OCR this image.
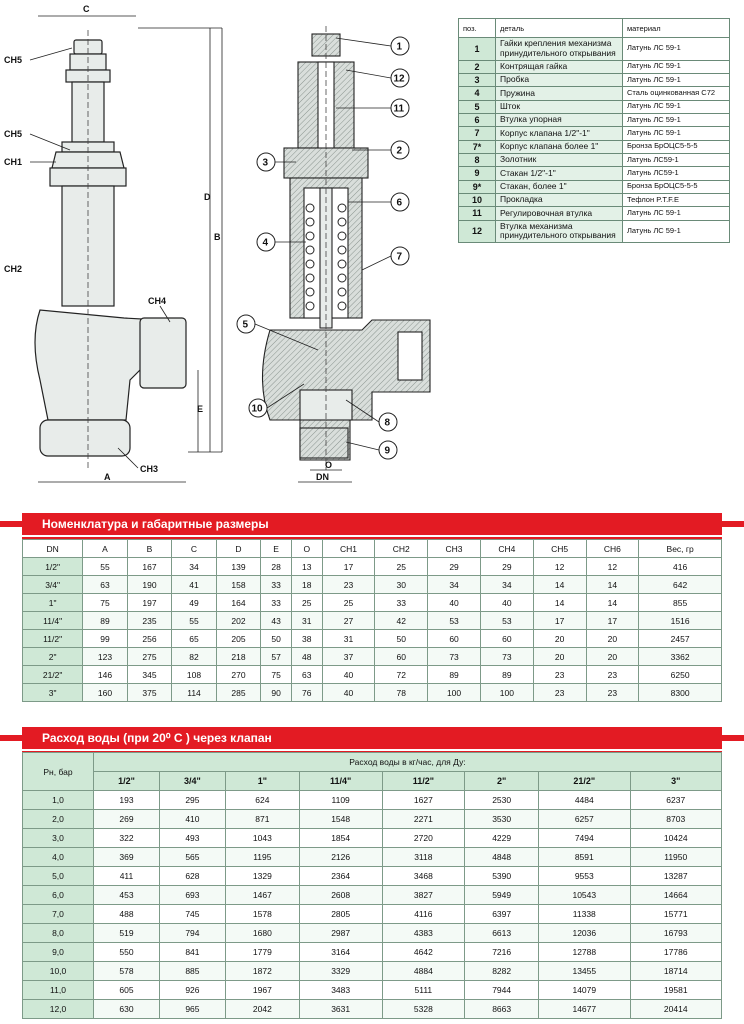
CH5
CH5
CH1
CH2
CH4
CH3
C
D
B
E
A
O
DN
1
12
11
2
3
6
4
7
5
10
8
9
поз.	деталь	материал
1	Гайки крепления механизма принудительного открывания	Латунь ЛС 59-1
2	Контрящая гайка	Латунь ЛС 59-1
3	Пробка	Латунь ЛС 59-1
4	Пружина	Сталь оцинкованная С72
5	Шток	Латунь ЛС 59-1
6	Втулка упорная	Латунь ЛС 59-1
7	Корпус клапана 1/2"-1"	Латунь ЛС 59-1
7*	Корпус клапана более 1"	Бронза БрОЦС5-5-5
8	Золотник	Латунь ЛС59-1
9	Стакан 1/2"-1"	Латунь ЛС59-1
9*	Стакан, более 1"	Бронза БрОЦС5-5-5
10	Прокладка	Тефлон P.T.F.E
11	Регулировочная втулка	Латунь ЛС 59-1
12	Втулка механизма принудительного открывания	Латунь ЛС 59-1
Номенклатура и габаритные размеры
DN	A	B	C	D	E	O	CH1	CH2	CH3	CH4	CH5	CH6	Вес, гр
1/2"	55	167	34	139	28	13	17	25	29	29	12	12	416
3/4"	63	190	41	158	33	18	23	30	34	34	14	14	642
1"	75	197	49	164	33	25	25	33	40	40	14	14	855
11/4"	89	235	55	202	43	31	27	42	53	53	17	17	1516
11/2"	99	256	65	205	50	38	31	50	60	60	20	20	2457
2"	123	275	82	218	57	48	37	60	73	73	20	20	3362
21/2"	146	345	108	270	75	63	40	72	89	89	23	23	6250
3"	160	375	114	285	90	76	40	78	100	100	23	23	8300
Расход воды (при 20⁰ С ) через клапан
Рн, бар	Расход воды в кг/час, для Ду:							
	1/2"	3/4"	1"	11/4"	11/2"	2"	21/2"	3"
1,0	193	295	624	1109	1627	2530	4484	6237
2,0	269	410	871	1548	2271	3530	6257	8703
3,0	322	493	1043	1854	2720	4229	7494	10424
4,0	369	565	1195	2126	3118	4848	8591	11950
5,0	411	628	1329	2364	3468	5390	9553	13287
6,0	453	693	1467	2608	3827	5949	10543	14664
7,0	488	745	1578	2805	4116	6397	11338	15771
8,0	519	794	1680	2987	4383	6613	12036	16793
9,0	550	841	1779	3164	4642	7216	12788	17786
10,0	578	885	1872	3329	4884	8282	13455	18714
11,0	605	926	1967	3483	5111	7944	14079	19581
12,0	630	965	2042	3631	5328	8663	14677	20414
